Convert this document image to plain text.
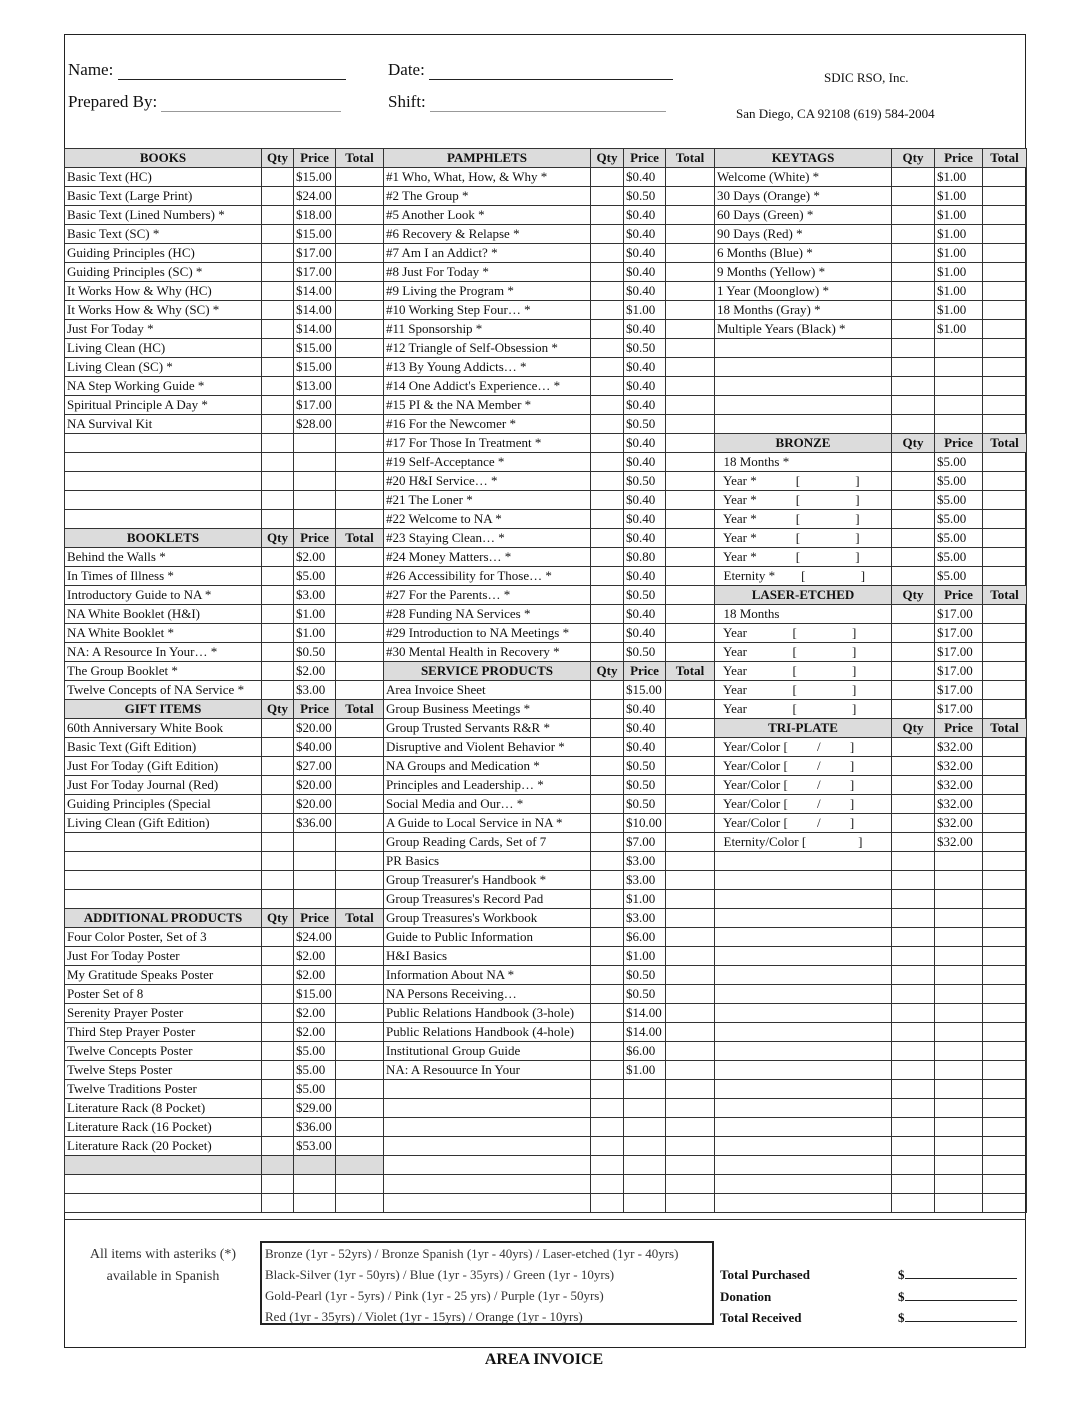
Name:	Date:
Prepared By:	Shift:
SDIC RSO, Inc.
San Diego, CA 92108 (619) 584-2004
BOOKS	Qty	Price	Total	PAMPHLETS	Qty	Price	Total	KEYTAGS	Qty	Price	Total
Basic Text (HC)		$15.00		#1 Who, What, How, & Why *		$0.40		Welcome (White) *		$1.00	
Basic Text (Large Print)		$24.00		#2 The Group *		$0.50		30 Days (Orange) *		$1.00	
Basic Text (Lined Numbers) *		$18.00		#5 Another Look *		$0.40		60 Days (Green) *		$1.00	
Basic Text (SC) *		$15.00		#6 Recovery & Relapse *		$0.40		90 Days (Red) *		$1.00	
Guiding Principles (HC)		$17.00		#7 Am I an Addict? *		$0.40		6 Months (Blue) *		$1.00	
Guiding Principles (SC) *		$17.00		#8 Just For Today *		$0.40		9 Months (Yellow) *		$1.00	
It Works How & Why (HC)		$14.00		#9 Living the Program *		$0.40		1 Year (Moonglow) *		$1.00	
It Works How & Why (SC) *		$14.00		#10 Working Step Four… *		$1.00		18 Months (Gray) *		$1.00	
Just For Today *		$14.00		#11 Sponsorship *		$0.40		Multiple Years (Black) *		$1.00	
Living Clean (HC)		$15.00		#12 Triangle of Self-Obsession *		$0.50					
Living Clean (SC) *		$15.00		#13 By Young Addicts… *		$0.40					
NA Step Working Guide *		$13.00		#14 One Addict's Experience… *		$0.40					
Spiritual Principle A Day *		$17.00		#15 PI & the NA Member *		$0.40					
NA Survival Kit		$28.00		#16 For the Newcomer *		$0.50					
				#17 For Those In Treatment *		$0.40		BRONZE	Qty	Price	Total
				#19 Self-Acceptance *		$0.40		18 Months *		$5.00	
				#20 H&I Service… *		$0.50		Year *            [                 ]		$5.00	
				#21 The Loner *		$0.40		Year *            [                 ]		$5.00	
				#22 Welcome to NA *		$0.40		Year *            [                 ]		$5.00	
BOOKLETS	Qty	Price	Total	#23 Staying Clean… *		$0.40		Year *            [                 ]		$5.00	
Behind the Walls *		$2.00		#24 Money Matters… *		$0.80		Year *            [                 ]		$5.00	
In Times of Illness *		$5.00		#26 Accessibility for Those… *		$0.40		Eternity *        [                 ]		$5.00	
Introductory Guide to NA *		$3.00		#27 For the Parents… *		$0.50		LASER-ETCHED	Qty	Price	Total
NA White Booklet (H&I)		$1.00		#28 Funding NA Services *		$0.40		18 Months		$17.00	
NA White Booklet *		$1.00		#29 Introduction to NA Meetings *		$0.40		Year              [                 ]		$17.00	
NA: A Resource In Your… *		$0.50		#30 Mental Health in Recovery *		$0.50		Year              [                 ]		$17.00	
The Group Booklet *		$2.00		SERVICE PRODUCTS	Qty	Price	Total	Year              [                 ]		$17.00	
Twelve Concepts of NA Service *		$3.00		Area Invoice Sheet		$15.00		Year              [                 ]		$17.00	
GIFT ITEMS	Qty	Price	Total	Group Business Meetings *		$0.40		Year              [                 ]		$17.00	
60th Anniversary White Book		$20.00		Group Trusted Servants R&R *		$0.40		TRI-PLATE	Qty	Price	Total
Basic Text (Gift Edition)		$40.00		Disruptive and Violent Behavior *		$0.40		Year/Color [         /         ]		$32.00	
Just For Today (Gift Edition)		$27.00		NA Groups and Medication *		$0.50		Year/Color [         /         ]		$32.00	
Just For Today Journal (Red)		$20.00		Principles and Leadership… *		$0.50		Year/Color [         /         ]		$32.00	
Guiding Principles (Special		$20.00		Social Media and Our… *		$0.50		Year/Color [         /         ]		$32.00	
Living Clean (Gift Edition)		$36.00		A Guide to Local Service in NA *		$10.00		Year/Color [         /         ]		$32.00	
				Group Reading Cards, Set of 7		$7.00		Eternity/Color [                ]		$32.00	
				PR Basics		$3.00					
				Group Treasurer's Handbook *		$3.00					
				Group Treasures's Record Pad		$1.00					
ADDITIONAL PRODUCTS	Qty	Price	Total	Group Treasures's Workbook		$3.00					
Four Color Poster, Set of 3		$24.00		Guide to Public Information		$6.00					
Just For Today Poster		$2.00		H&I Basics		$1.00					
My Gratitude Speaks Poster		$2.00		Information About NA *		$0.50					
Poster Set of 8		$15.00		NA Persons Receiving…		$0.50					
Serenity Prayer Poster		$2.00		Public Relations Handbook (3-hole)		$14.00					
Third Step Prayer Poster		$2.00		Public Relations Handbook (4-hole)		$14.00					
Twelve Concepts Poster		$5.00		Institutional Group Guide		$6.00					
Twelve Steps Poster		$5.00		NA: A Resouurce In Your		$1.00					
Twelve Traditions Poster		$5.00									
Literature Rack (8 Pocket)		$29.00									
Literature Rack (16 Pocket)		$36.00									
Literature Rack (20 Pocket)		$53.00									

All items with asteriks (*) available in Spanish
Bronze (1yr - 52yrs) / Bronze Spanish (1yr - 40yrs) / Laser-etched (1yr - 40yrs)
Black-Silver (1yr - 50yrs) / Blue (1yr - 35yrs) / Green (1yr - 10yrs)
Gold-Pearl (1yr - 5yrs) / Pink (1yr - 25 yrs) / Purple (1yr - 50yrs)
Red (1yr - 35yrs) / Violet (1yr - 15yrs) / Orange (1yr - 10yrs)
Total Purchased
Donation
Total Received
$
$
$
AREA INVOICE
